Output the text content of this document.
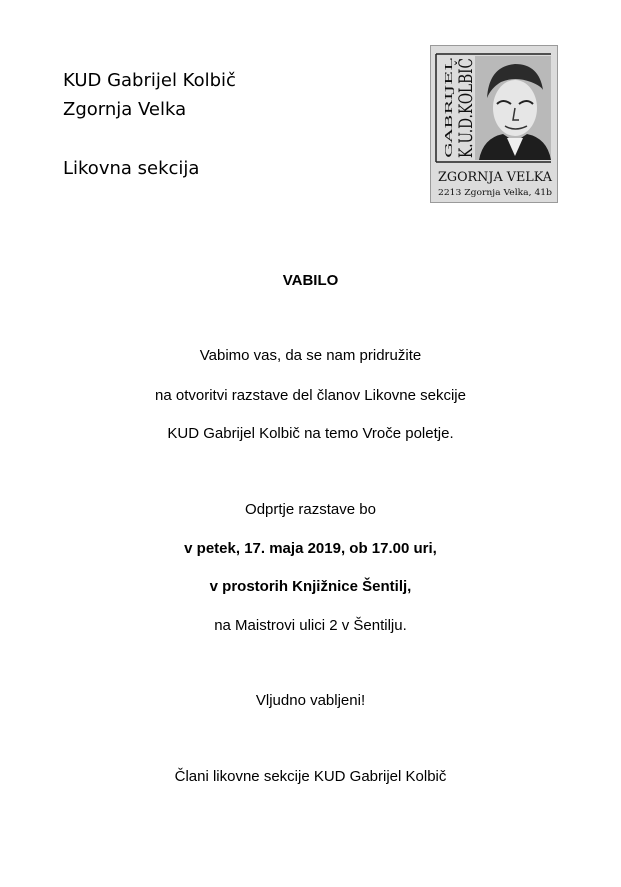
KUD Gabrijel Kolbič
Zgornja Velka
Likovna sekcija
GABRIJEL K.U.D.KOLBIČ
ZGORNJA VELKA
2213 Zgornja Velka, 41b
VABILO
Vabimo vas, da se nam pridružite
na otvoritvi razstave del članov Likovne sekcije
KUD Gabrijel Kolbič na temo Vroče poletje.
Odprtje razstave bo
v petek, 17. maja 2019, ob 17.00 uri,
v prostorih Knjižnice Šentilj,
na Maistrovi ulici 2 v Šentilju.
Vljudno vabljeni!
Člani likovne sekcije KUD Gabrijel Kolbič
